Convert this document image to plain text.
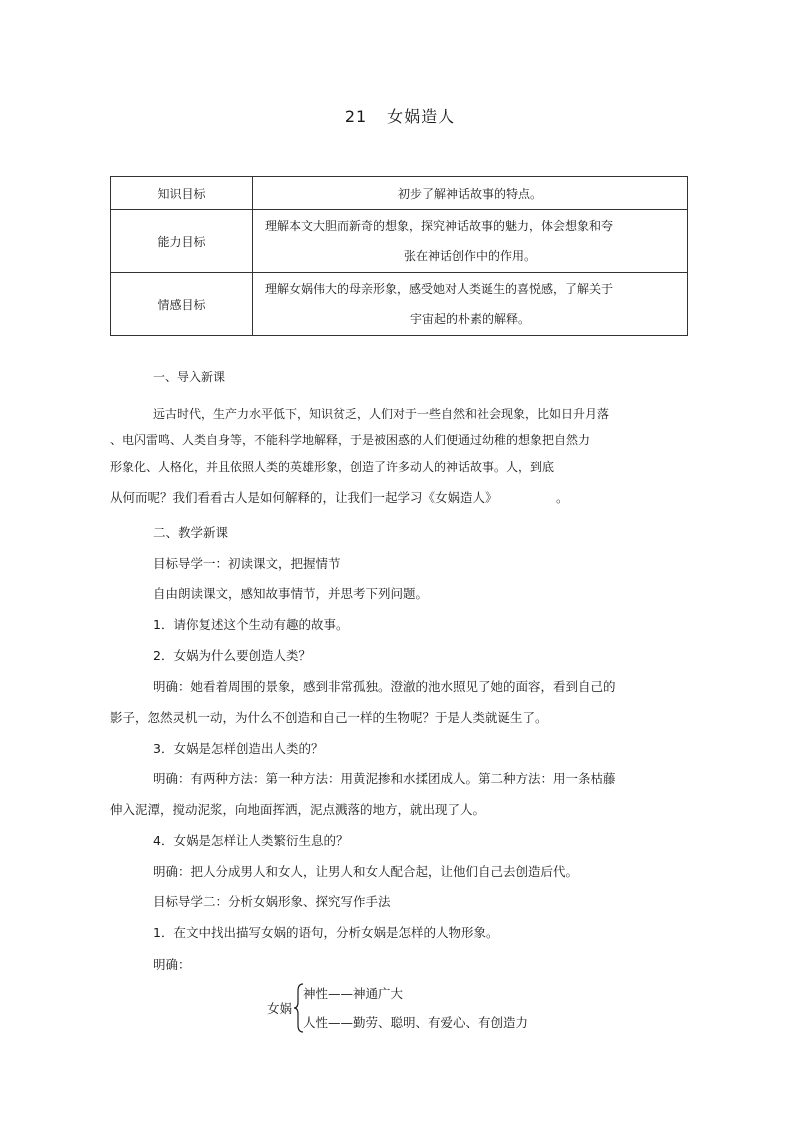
21 女娲造人
知识目标	初步了解神话故事的特点。
能力目标	理解本文大胆而新奇的想象，探究神话故事的魅力，体会想象和夸
张在神话创作中的作用。

情感目标	理解女娲伟大的母亲形象，感受她对人类诞生的喜悦感，了解关于
宇宙起的朴素的解释。
一、导入新课
远古时代，生产力水平低下，知识贫乏，人们对于一些自然和社会现象，比如日升月落
、电闪雷鸣、人类自身等，不能科学地解释，于是被困惑的人们便通过幼稚的想象把自然力
形象化、人格化，并且依照人类的英雄形象，创造了许多动人的神话故事。人，到底
从何而呢？我们看看古人是如何解释的，让我们一起学习《女娲造人》	。
二、教学新课
目标导学一：初读课文，把握情节
自由朗读课文，感知故事情节，并思考下列问题。
1．请你复述这个生动有趣的故事。
2．女娲为什么要创造人类？
明确：她看着周围的景象，感到非常孤独。澄澈的池水照见了她的面容，看到自己的
影子，忽然灵机一动，为什么不创造和自己一样的生物呢？于是人类就诞生了。
3．女娲是怎样创造出人类的？
明确：有两种方法：第一种方法：用黄泥掺和水揉团成人。第二种方法：用一条枯藤
伸入泥潭，搅动泥浆，向地面挥洒，泥点溅落的地方，就出现了人。
4．女娲是怎样让人类繁衍生息的？
明确：把人分成男人和女人，让男人和女人配合起，让他们自己去创造后代。
目标导学二：分析女娲形象、探究写作手法
1．在文中找出描写女娲的语句，分析女娲是怎样的人物形象。
明确：
女娲
神性——神通广大
人性——勤劳、聪明、有爱心、有创造力
